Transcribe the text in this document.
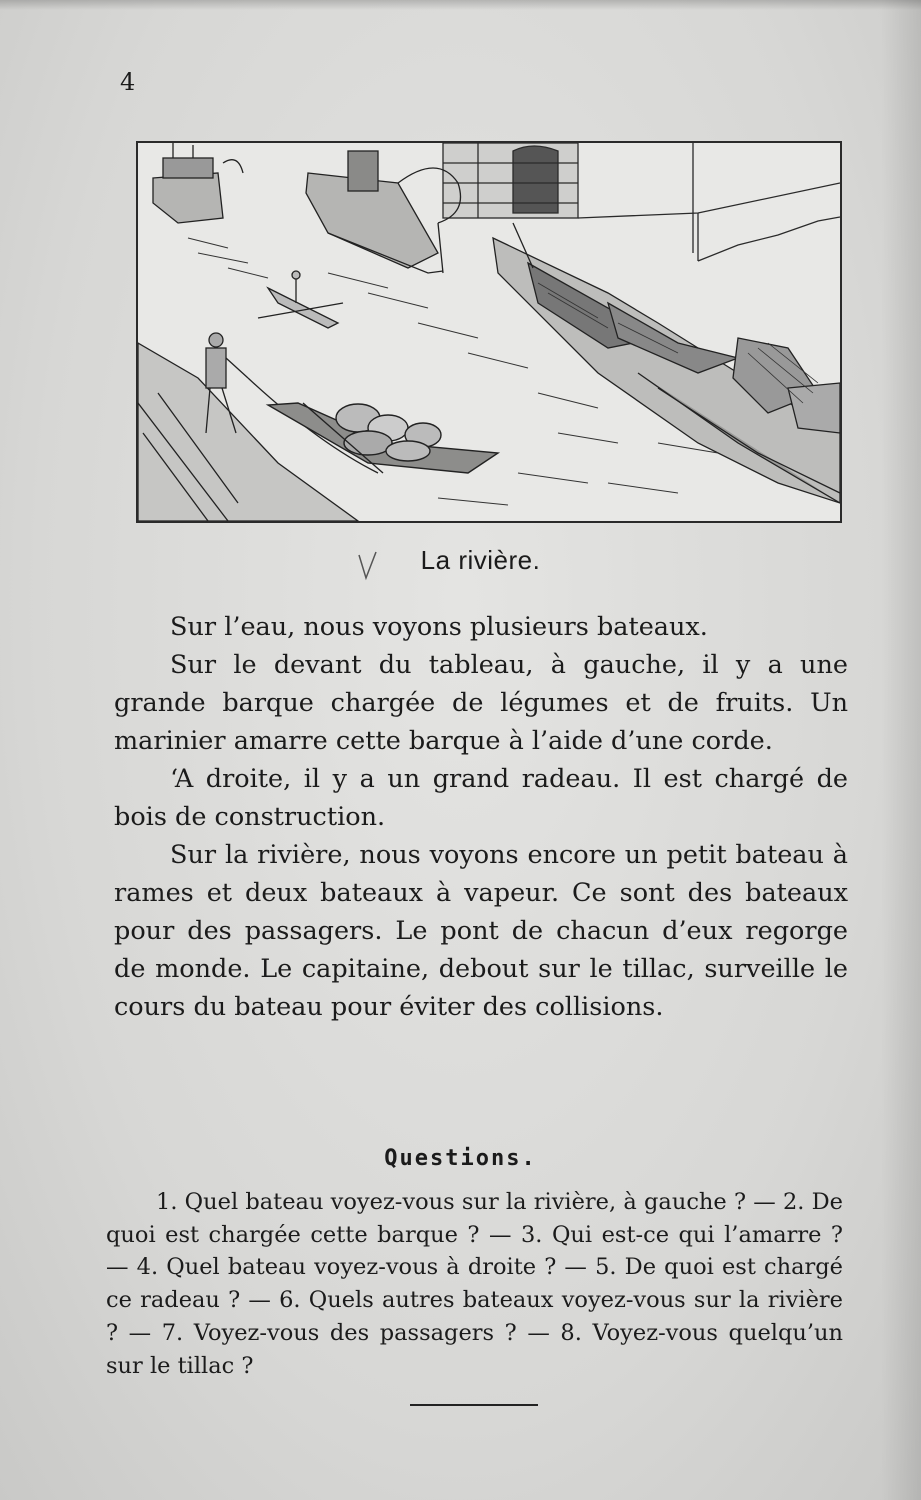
4
La rivière.

Sur l’eau, nous voyons plusieurs bateaux.

Sur le devant du tableau, à gauche, il y a une grande barque chargée de légumes et de fruits. Un marinier amarre cette barque à l’aide d’une corde.

‘A droite, il y a un grand radeau. Il est chargé de bois de construction.

Sur la rivière, nous voyons encore un petit bateau à rames et deux bateaux à vapeur. Ce sont des bateaux pour des passagers. Le pont de chacun d’eux regorge de monde. Le capitaine, debout sur le tillac, surveille le cours du bateau pour éviter des collisions.

Questions.

1. Quel bateau voyez-vous sur la rivière, à gauche ? — 2. De quoi est chargée cette barque ? — 3. Qui est-ce qui l’amarre ? — 4. Quel bateau voyez-vous à droite ? — 5. De quoi est chargé ce radeau ? — 6. Quels autres bateaux voyez-vous sur la rivière ? — 7. Voyez-vous des passagers ? — 8. Voyez-vous quelqu’un sur le tillac ?
